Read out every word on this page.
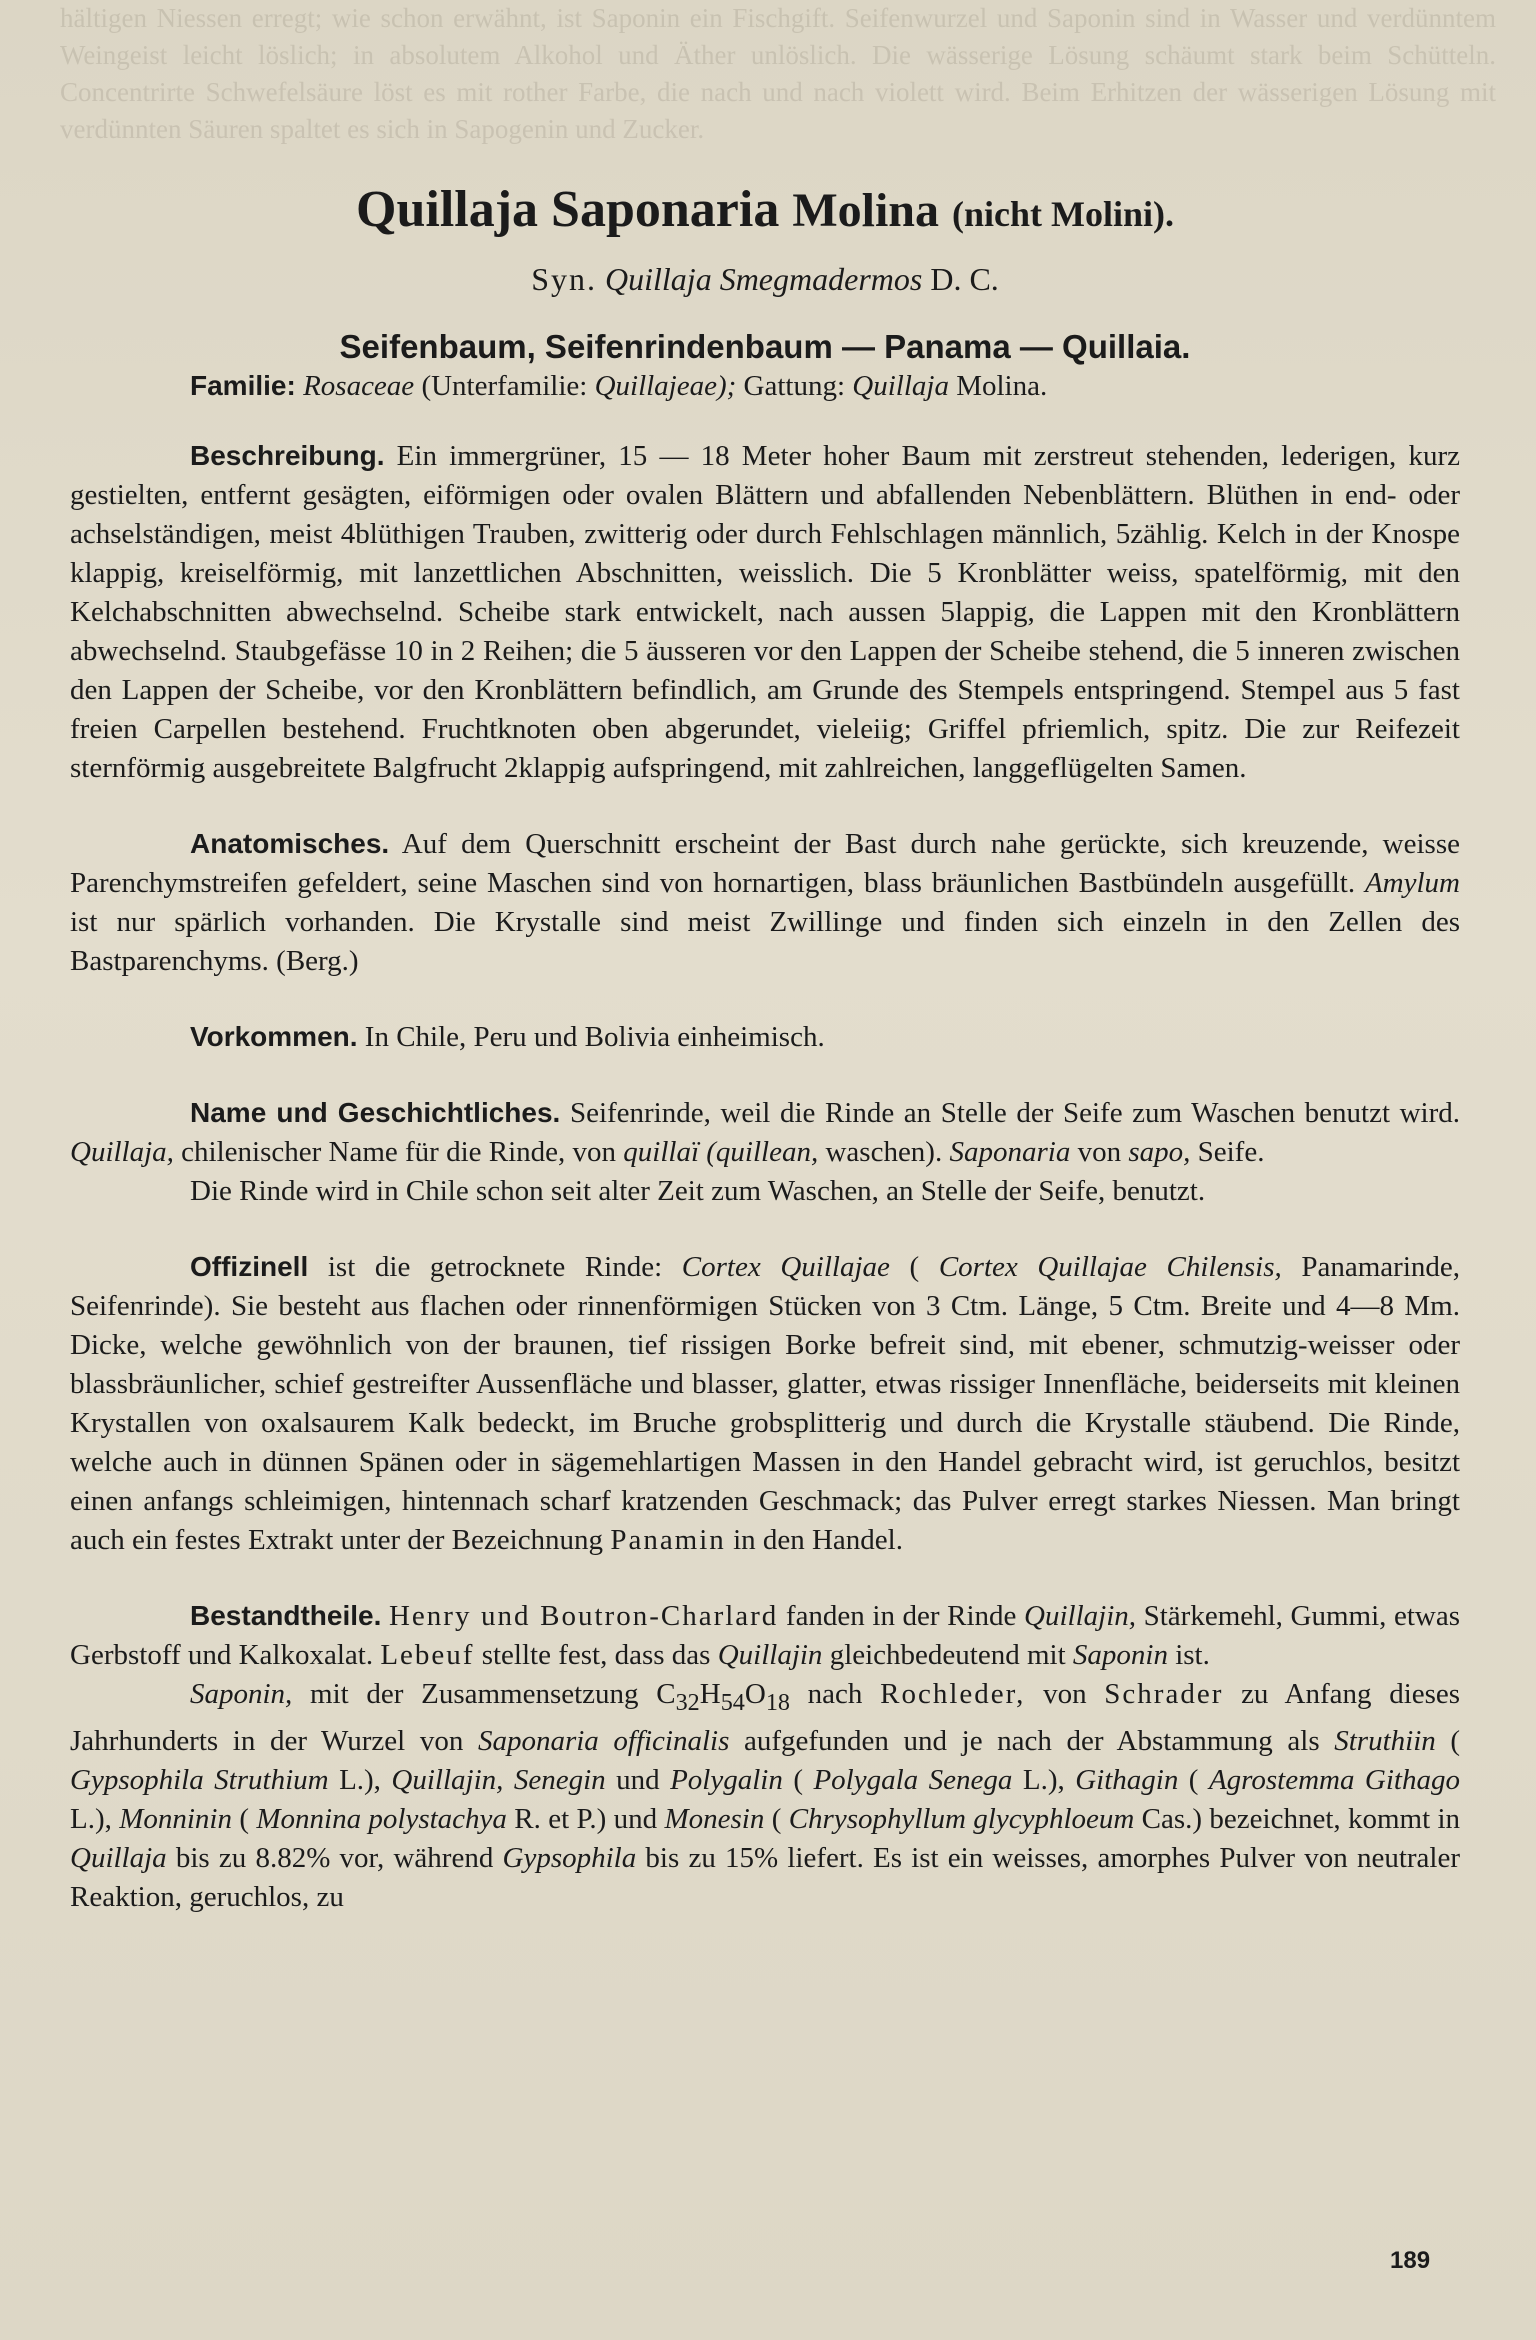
hältigen Niessen erregt; wie schon erwähnt, ist Saponin ein Fischgift. Seifenwurzel und Saponin sind in Wasser und verdünntem Weingeist leicht löslich; in absolutem Alkohol und Äther unlöslich. Die wässerige Lösung schäumt stark beim Schütteln. Concentrirte Schwefelsäure löst es mit rother Farbe, die nach und nach violett wird. Beim Erhitzen der wässerigen Lösung mit verdünnten Säuren spaltet es sich in Sapogenin und Zucker.
Quillaja Saponaria Molina (nicht Molini).
Syn. Quillaja Smegmadermos D. C.
Seifenbaum, Seifenrindenbaum — Panama — Quillaia.

Familie: Rosaceae (Unterfamilie: Quillajeae); Gattung: Quillaja Molina.

Beschreibung. Ein immergrüner, 15 — 18 Meter hoher Baum mit zerstreut stehenden, lederigen, kurz gestielten, entfernt gesägten, eiförmigen oder ovalen Blättern und abfallenden Nebenblättern. Blüthen in end- oder achselständigen, meist 4blüthigen Trauben, zwitterig oder durch Fehlschlagen männlich, 5zählig. Kelch in der Knospe klappig, kreiselförmig, mit lanzettlichen Abschnitten, weisslich. Die 5 Kronblätter weiss, spatelförmig, mit den Kelchabschnitten abwechselnd. Scheibe stark entwickelt, nach aussen 5lappig, die Lappen mit den Kronblättern abwechselnd. Staubgefässe 10 in 2 Reihen; die 5 äusseren vor den Lappen der Scheibe stehend, die 5 inneren zwischen den Lappen der Scheibe, vor den Kronblättern befindlich, am Grunde des Stempels entspringend. Stempel aus 5 fast freien Carpellen bestehend. Fruchtknoten oben abgerundet, vieleiig; Griffel pfriemlich, spitz. Die zur Reifezeit sternförmig ausgebreitete Balgfrucht 2klappig aufspringend, mit zahlreichen, langgeflügelten Samen.

Anatomisches. Auf dem Querschnitt erscheint der Bast durch nahe gerückte, sich kreuzende, weisse Parenchymstreifen gefeldert, seine Maschen sind von hornartigen, blass bräunlichen Bastbündeln ausgefüllt. Amylum ist nur spärlich vorhanden. Die Krystalle sind meist Zwillinge und finden sich einzeln in den Zellen des Bastparenchyms. (Berg.)

Vorkommen. In Chile, Peru und Bolivia einheimisch.

Name und Geschichtliches. Seifenrinde, weil die Rinde an Stelle der Seife zum Waschen benutzt wird. Quillaja, chilenischer Name für die Rinde, von quillaï (quillean, waschen). Saponaria von sapo, Seife.

Die Rinde wird in Chile schon seit alter Zeit zum Waschen, an Stelle der Seife, benutzt.

Offizinell ist die getrocknete Rinde: Cortex Quillajae ( Cortex Quillajae Chilensis, Panamarinde, Seifenrinde). Sie besteht aus flachen oder rinnenförmigen Stücken von 3 Ctm. Länge, 5 Ctm. Breite und 4—8 Mm. Dicke, welche gewöhnlich von der braunen, tief rissigen Borke befreit sind, mit ebener, schmutzig-weisser oder blassbräunlicher, schief gestreifter Aussenfläche und blasser, glatter, etwas rissiger Innenfläche, beiderseits mit kleinen Krystallen von oxalsaurem Kalk bedeckt, im Bruche grobsplitterig und durch die Krystalle stäubend. Die Rinde, welche auch in dünnen Spänen oder in sägemehlartigen Massen in den Handel gebracht wird, ist geruchlos, besitzt einen anfangs schleimigen, hintennach scharf kratzenden Geschmack; das Pulver erregt starkes Niessen. Man bringt auch ein festes Extrakt unter der Bezeichnung Panamin in den Handel.

Bestandtheile. Henry und Boutron-Charlard fanden in der Rinde Quillajin, Stärkemehl, Gummi, etwas Gerbstoff und Kalkoxalat. Lebeuf stellte fest, dass das Quillajin gleichbedeutend mit Saponin ist.

Saponin, mit der Zusammensetzung $C_{32}H_{54}O_{18}$ nach Rochleder, von Schrader zu Anfang dieses Jahrhunderts in der Wurzel von Saponaria officinalis aufgefunden und je nach der Abstammung als Struthiin ( Gypsophila Struthium L.), Quillajin, Senegin und Polygalin ( Polygala Senega L.), Githagin ( Agrostemma Githago L.), Monninin ( Monnina polystachya R. et P.) und Monesin ( Chrysophyllum glycyphloeum Cas.) bezeichnet, kommt in Quillaja bis zu 8.82% vor, während Gypsophila bis zu 15% liefert. Es ist ein weisses, amorphes Pulver von neutraler Reaktion, geruchlos, zu

189
